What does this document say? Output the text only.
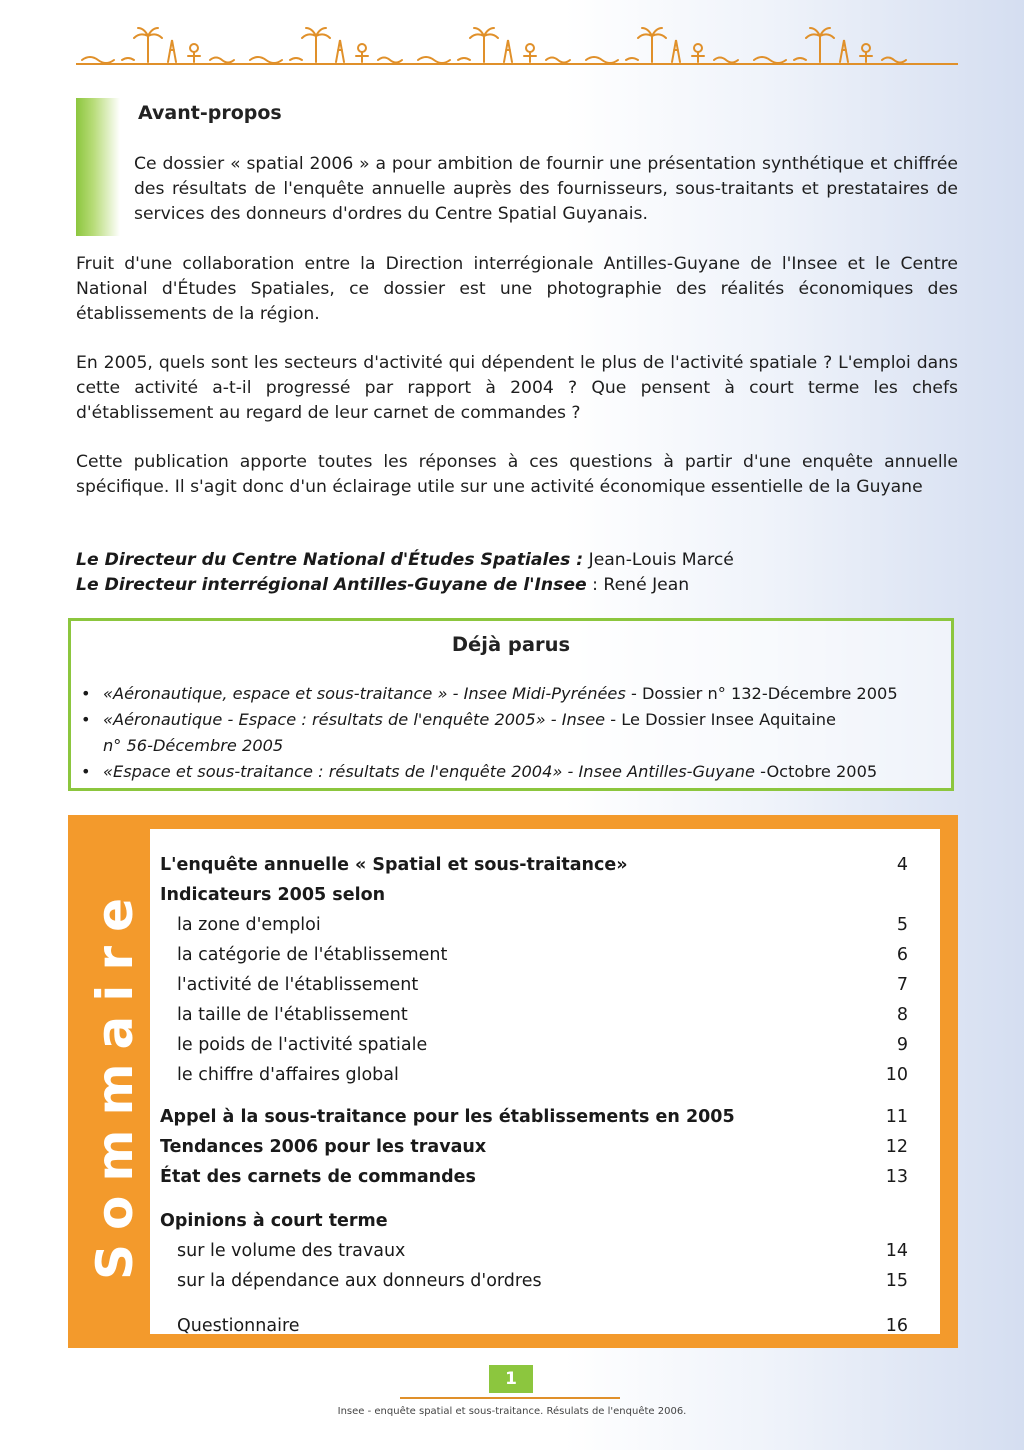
Avant-propos
Ce dossier « spatial 2006 » a pour ambition de fournir une présentation synthétique et chiffrée des résultats de l'enquête annuelle auprès des fournisseurs, sous-traitants et prestataires de services des donneurs d'ordres du Centre Spatial Guyanais.
Fruit d'une collaboration entre la Direction interrégionale Antilles-Guyane de l'Insee et le Centre National d'Études Spatiales, ce dossier est une photographie des réalités économiques des établissements de la région.
En 2005, quels sont les secteurs d'activité qui dépendent le plus de l'activité spatiale ? L'emploi dans cette activité a-t-il progressé par rapport à 2004 ? Que pensent à court terme les chefs d'établissement au regard de leur carnet de commandes ?
Cette publication apporte toutes les réponses à ces questions à partir d'une enquête annuelle spécifique. Il s'agit donc d'un éclairage utile sur une activité économique essentielle de la Guyane
Le Directeur du Centre National d'Études Spatiales : Jean-Louis Marcé
Le Directeur interrégional Antilles-Guyane de l'Insee : René Jean
Déjà parus
• «Aéronautique, espace et sous-traitance » - Insee Midi-Pyrénées - Dossier n° 132-Décembre 2005
• «Aéronautique - Espace : résultats de l'enquête 2005» - Insee - Le Dossier Insee Aquitaine
n° 56-Décembre 2005
• «Espace et sous-traitance : résultats de l'enquête 2004» - Insee Antilles-Guyane -Octobre 2005
Sommaire
L'enquête annuelle « Spatial et sous-traitance»	4
Indicateurs 2005 selon
la zone d'emploi	5
la catégorie de l'établissement	6
l'activité de l'établissement	7
la taille de l'établissement	8
le poids de l'activité spatiale	9
le chiffre d'affaires global	10
Appel à la sous-traitance pour les établissements en 2005	11
Tendances 2006 pour les travaux	12
État des carnets de commandes	13
Opinions à court terme
sur le volume des travaux	14
sur la dépendance aux donneurs d'ordres	15
Questionnaire	16
1
Insee - enquête spatial et sous-traitance. Résulats de l'enquête 2006.
